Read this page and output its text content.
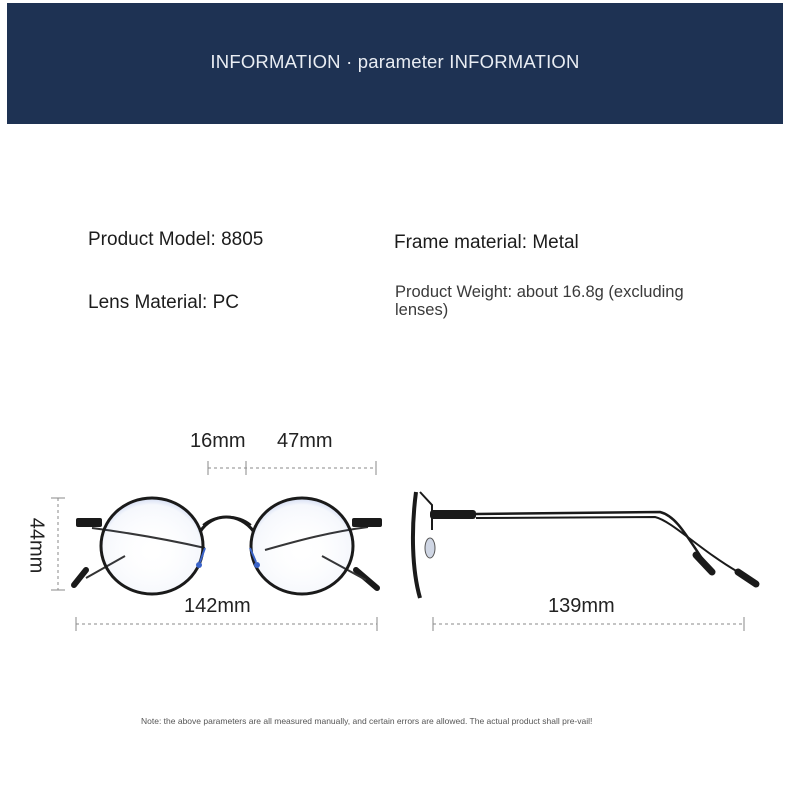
INFORMATION · parameter INFORMATION
Product Model: 8805	Frame material: Metal
Lens Material: PC	Product Weight: about 16.8g (excluding lenses)
16mm 47mm
44mm
142mm	139mm
Note: the above parameters are all measured manually, and certain errors are allowed. The actual product shall pre-vail!
